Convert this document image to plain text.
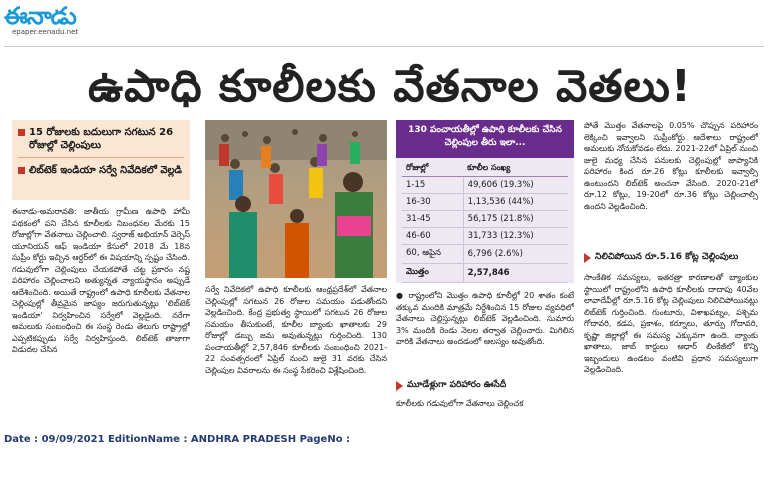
ఈనాడు
epaper.eenadu.net
ఉపాధి కూలీలకు వేతనాల వెతలు!
15 రోజులకు బదులుగా సగటున 26 రోజుల్లో చెల్లింపులు
లిబ్‌టెక్ ఇండియా సర్వే నివేదికలో వెల్లడి
ఈనాడు-అమరావతి: జాతీయ గ్రామీణ ఉపాధి హామీ పథకంలో పని చేసిన కూలీలకు నిబంధనల మేరకు 15 రోజుల్లోగా వేతనాలు చెల్లించాలి. స్వరాజ్ అభియాన్ వెర్సెస్ యూనియన్ ఆఫ్ ఇండియా కేసులో 2018 మే 18న సుప్రీం కోర్టు ఇచ్చిన ఆర్డర్‌లో ఈ విషయాన్ని స్పష్టం చేసింది. గడువులోగా చెల్లింపులు చేయకపోతే చట్ట ప్రకారం నష్ట పరిహారం చెల్లించాలని అత్యున్నత న్యాయస్థానం అప్పుడే ఆదేశించింది. అయితే రాష్ట్రంలో ఉపాధి కూలీలకు వేతనాల చెల్లింపుల్లో తీవ్రమైన జాప్యం జరుగుతున్నట్లు 'లిబ్‌టెక్ ఇండియా' నిర్వహించిన సర్వేలో వెల్లడైంది. నరేగా అమలుకు సంబంధించి ఈ సంస్థ రెండు తెలుగు రాష్ట్రాల్లో ఎప్పటికప్పుడు సర్వే నిర్వహిస్తుంది. లిబ్‌టెక్ తాజాగా విడుదల చేసిన
సర్వే నివేదికలో ఉపాధి కూలీలకు ఆంధ్రప్రదేశ్‌లో వేతనాల చెల్లింపుల్లో సగటున 26 రోజుల సమయం పడుతోందని వెల్లడించింది. కేంద్ర ప్రభుత్వ స్థాయిలో సగటున 26 రోజుల సమయం తీసుకుంటే, కూలీల బ్యాంకు ఖాతాలకు 29 రోజుల్లో డబ్బు జమ అవుతున్నట్లు గుర్తించింది. 130 పంచాయతీల్లో 2,57,846 కూలీలకు సంబంధించి 2021-22 సంవత్సరంలో ఏప్రిల్ నుంచి జులై 31 వరకు చేసిన చెల్లింపుల వివరాలను ఈ సంస్థ సేకరించి విశ్లేషించింది.
130 పంచాయతీల్లో ఉపాధి కూలీలకు చేసిన చెల్లింపుల తీరు ఇలా...
రోజుల్లో	కూలీల సంఖ్య
1-15	49,606 (19.3%)
16-30	1,13,536 (44%)
31-45	56,175 (21.8%)
46-60	31,733 (12.3%)
60, ఆపైన	6,796 (2.6%)
మొత్తం	2,57,846
● రాష్ట్రంలోని మొత్తం ఉపాధి కూలీల్లో 20 శాతం కంటే తక్కువ మందికి మాత్రమే నిర్దేశించిన 15 రోజుల వ్యవధిలో వేతనాలు చెల్లిస్తున్నట్లు లిబ్‌టెక్ వెల్లడించింది. సుమారు 3% మందికి రెండు నెలల తర్వాత చెల్లించారు. మిగిలిన వారికి వేతనాలు అందడంలో ఆలస్యం అవుతోంది.
మూడేళ్లుగా పరిహారం ఊసేదీ
కూలీలకు గడువులోగా వేతనాలు చెల్లించక
పోతే మొత్తం వేతనాలపై 0.05% చొప్పున పరిహారం లెక్కించి ఇవ్వాలని సుప్రీంకోర్టు ఆదేశాలు రాష్ట్రంలో అమలుకు నోచుకోవడం లేదు. 2021-22లో ఏప్రిల్ నుంచి జులై మధ్య చేసిన పనులకు చెల్లింపుల్లో జాప్యానికి పరిహారం కింద రూ.26 కోట్లు కూలీలకు ఇవ్వాల్సి ఉంటుందని లిబ్‌టెక్ అంచనా వేసింది. 2020-21లో రూ.12 కోట్లు, 19-20లో రూ.36 కోట్లు చెల్లించాల్సి ఉందని వెల్లడించింది.
నిలిచిపోయిన రూ.5.16 కోట్ల చెల్లింపులు
సాంకేతిక సమస్యలు, ఇతరత్రా కారణాలతో బ్యాంకుల స్థాయిలో రాష్ట్రంలోని ఉపాధి కూలీలకు దాదాపు 40వేల లావాదేవీల్లో రూ.5.16 కోట్ల చెల్లింపులు నిలిచిపోయినట్లు లిబ్‌టెక్ గుర్తించింది. గుంటూరు, విశాఖపట్నం, పశ్చిమ గోదావరి, కడప, ప్రకాశం, కర్నూలు, తూర్పు గోదావరి, కృష్ణా జిల్లాల్లో ఈ సమస్య ఎక్కువగా ఉంది. బ్యాంకు ఖాతాలు, జాబ్ కార్డులు ఆధార్ లింకేజీలో కొన్ని ఇబ్బందులు ఉండటం వంటివి ప్రధాన సమస్యలుగా వెల్లడించింది.
Date : 09/09/2021 EditionName : ANDHRA PRADESH PageNo :
